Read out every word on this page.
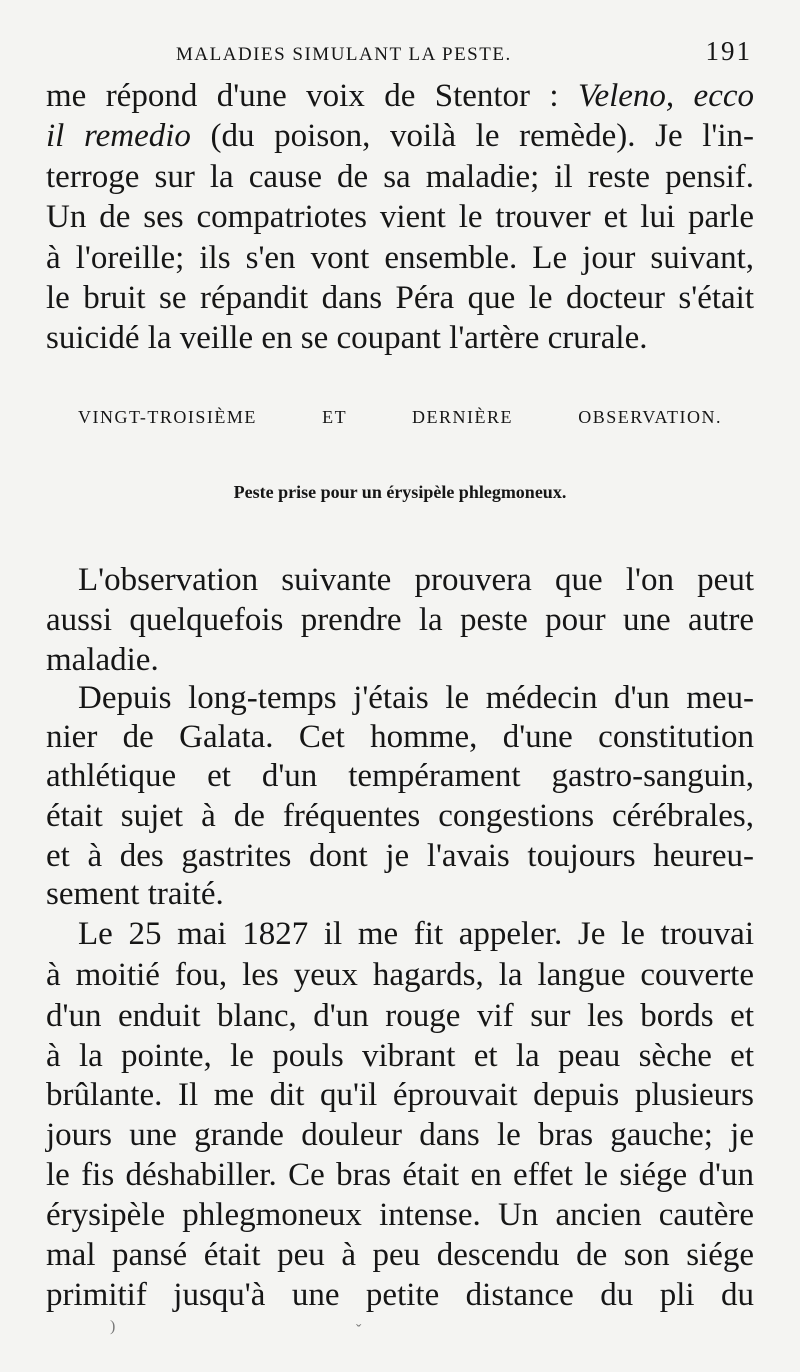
MALADIES SIMULANT LA PESTE.	191
me répond d'une voix de Stentor : Veleno, ecco
il remedio (du poison, voilà le remède). Je l'in-
terroge sur la cause de sa maladie; il reste pensif.
Un de ses compatriotes vient le trouver et lui parle
à l'oreille; ils s'en vont ensemble. Le jour suivant,
le bruit se répandit dans Péra que le docteur s'était
suicidé la veille en se coupant l'artère crurale.
VINGT-TROISIÈME ET DERNIÈRE OBSERVATION.
Peste prise pour un érysipèle phlegmoneux.
L'observation suivante prouvera que l'on peut
aussi quelquefois prendre la peste pour une autre
maladie.
Depuis long-temps j'étais le médecin d'un meu-
nier de Galata. Cet homme, d'une constitution
athlétique et d'un tempérament gastro-sanguin,
était sujet à de fréquentes congestions cérébrales,
et à des gastrites dont je l'avais toujours heureu-
sement traité.
Le 25 mai 1827 il me fit appeler. Je le trouvai
à moitié fou, les yeux hagards, la langue couverte
d'un enduit blanc, d'un rouge vif sur les bords et
à la pointe, le pouls vibrant et la peau sèche et
brûlante. Il me dit qu'il éprouvait depuis plusieurs
jours une grande douleur dans le bras gauche; je
le fis déshabiller. Ce bras était en effet le siége d'un
érysipèle phlegmoneux intense. Un ancien cautère
mal pansé était peu à peu descendu de son siége
primitif jusqu'à une petite distance du pli du
)	ˇ
